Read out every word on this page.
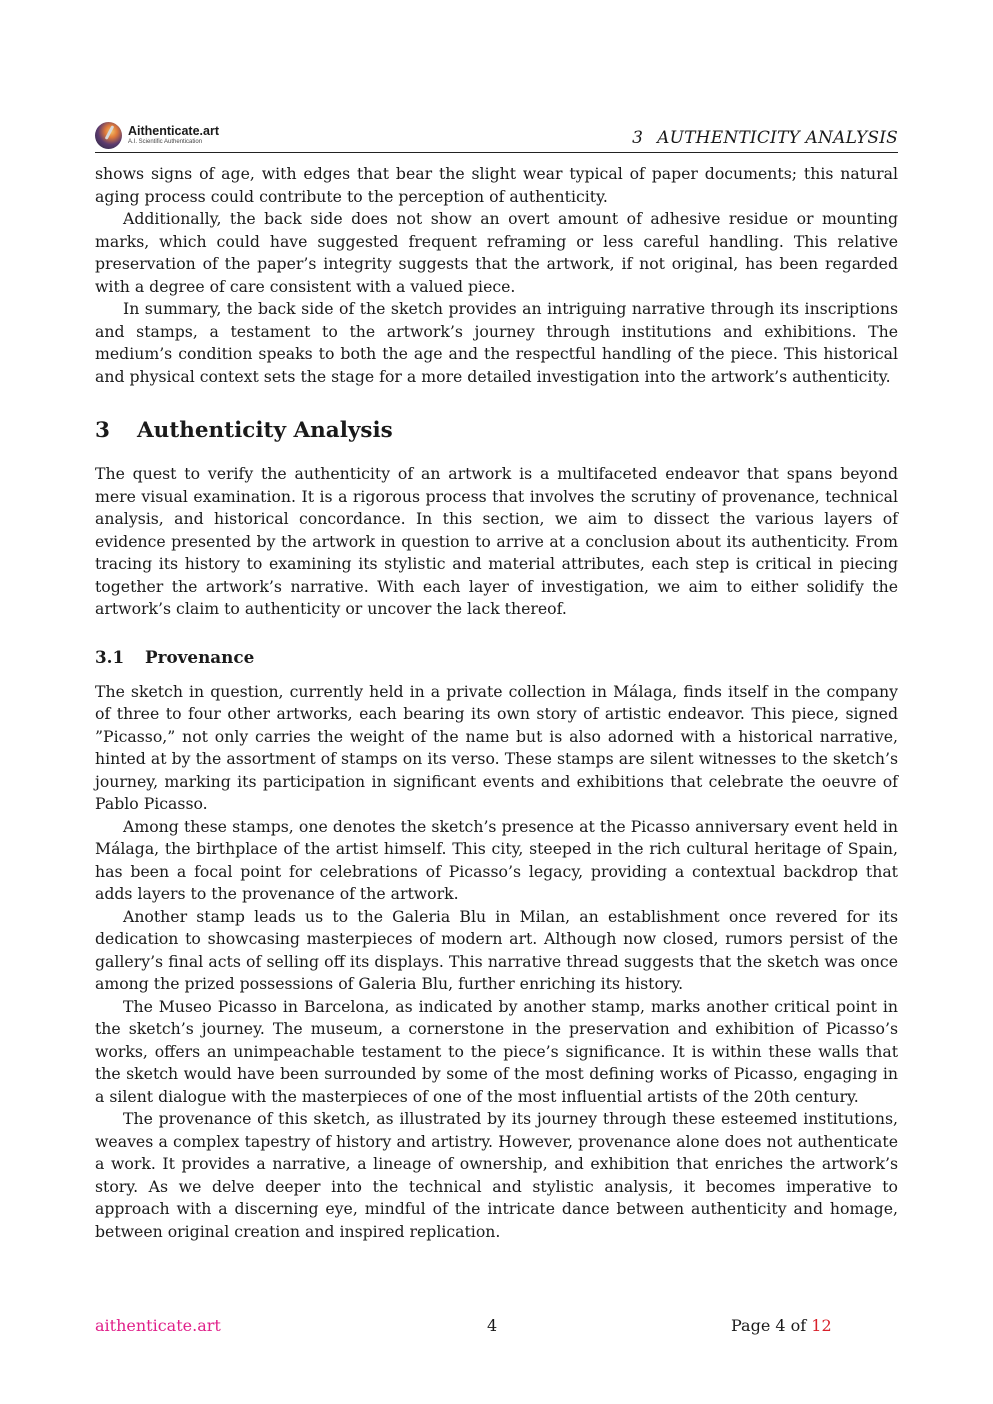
Aithenticate.art
A.I. Scientific Authentication	3 AUTHENTICITY ANALYSIS

shows signs of age, with edges that bear the slight wear typical of paper documents; this natural aging process could contribute to the perception of authenticity.

Additionally, the back side does not show an overt amount of adhesive residue or mounting marks, which could have suggested frequent reframing or less careful handling. This relative preservation of the paper’s integrity suggests that the artwork, if not original, has been regarded with a degree of care consistent with a valued piece.

In summary, the back side of the sketch provides an intriguing narrative through its inscriptions and stamps, a testament to the artwork’s journey through institutions and exhibitions. The medium’s condition speaks to both the age and the respectful handling of the piece. This historical and physical context sets the stage for a more detailed investigation into the artwork’s authenticity.

3 Authenticity Analysis

The quest to verify the authenticity of an artwork is a multifaceted endeavor that spans beyond mere visual examination. It is a rigorous process that involves the scrutiny of provenance, technical analysis, and historical concordance. In this section, we aim to dissect the various layers of evidence presented by the artwork in question to arrive at a conclusion about its authenticity. From tracing its history to examining its stylistic and material attributes, each step is critical in piecing together the artwork’s narrative. With each layer of investigation, we aim to either solidify the artwork’s claim to authenticity or uncover the lack thereof.

3.1 Provenance

The sketch in question, currently held in a private collection in Málaga, finds itself in the company of three to four other artworks, each bearing its own story of artistic endeavor. This piece, signed ”Picasso,” not only carries the weight of the name but is also adorned with a historical narrative, hinted at by the assortment of stamps on its verso. These stamps are silent witnesses to the sketch’s journey, marking its participation in significant events and exhibitions that celebrate the oeuvre of Pablo Picasso.

Among these stamps, one denotes the sketch’s presence at the Picasso anniversary event held in Málaga, the birthplace of the artist himself. This city, steeped in the rich cultural heritage of Spain, has been a focal point for celebrations of Picasso’s legacy, providing a contextual backdrop that adds layers to the provenance of the artwork.

Another stamp leads us to the Galeria Blu in Milan, an establishment once revered for its dedication to showcasing masterpieces of modern art. Although now closed, rumors persist of the gallery’s final acts of selling off its displays. This narrative thread suggests that the sketch was once among the prized possessions of Galeria Blu, further enriching its history.

The Museo Picasso in Barcelona, as indicated by another stamp, marks another critical point in the sketch’s journey. The museum, a cornerstone in the preservation and exhibition of Picasso’s works, offers an unimpeachable testament to the piece’s significance. It is within these walls that the sketch would have been surrounded by some of the most defining works of Picasso, engaging in a silent dialogue with the masterpieces of one of the most influential artists of the 20th century.

The provenance of this sketch, as illustrated by its journey through these esteemed institutions, weaves a complex tapestry of history and artistry. However, provenance alone does not authenticate a work. It provides a narrative, a lineage of ownership, and exhibition that enriches the artwork’s story. As we delve deeper into the technical and stylistic analysis, it becomes imperative to approach with a discerning eye, mindful of the intricate dance between authenticity and homage, between original creation and inspired replication.

aithenticate.art	4	Page 4 of 12
